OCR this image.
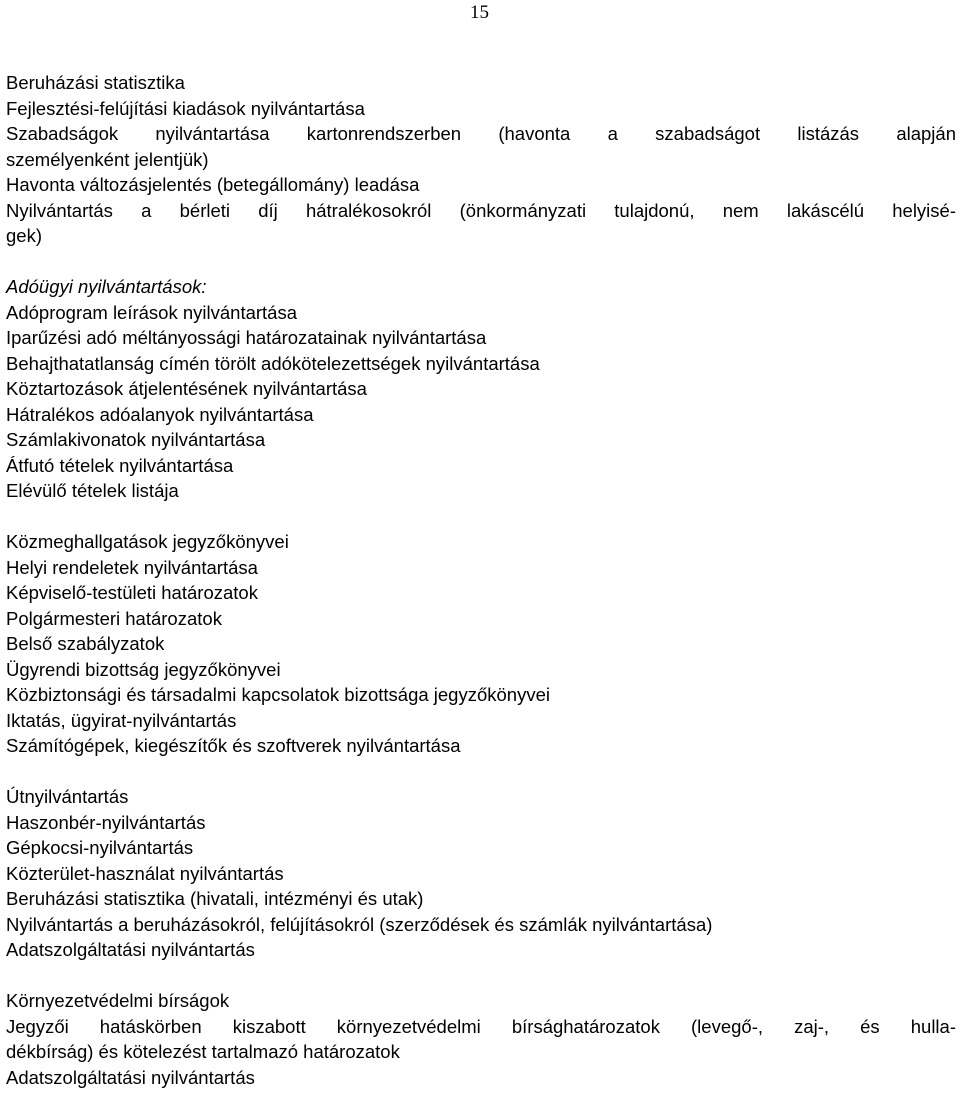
15
Beruházási statisztika
Fejlesztési-felújítási kiadások nyilvántartása
Szabadságok nyilvántartása kartonrendszerben (havonta a szabadságot listázás alapján
személyenként jelentjük)
Havonta változásjelentés (betegállomány) leadása
Nyilvántartás a bérleti díj hátralékosokról (önkormányzati tulajdonú, nem lakáscélú helyisé-
gek)
Adóügyi nyilvántartások:
Adóprogram leírások nyilvántartása
Iparűzési adó méltányossági határozatainak nyilvántartása
Behajthatatlanság címén törölt adókötelezettségek nyilvántartása
Köztartozások átjelentésének nyilvántartása
Hátralékos adóalanyok nyilvántartása
Számlakivonatok nyilvántartása
Átfutó tételek nyilvántartása
Elévülő tételek listája
Közmeghallgatások jegyzőkönyvei
Helyi rendeletek nyilvántartása
Képviselő-testületi határozatok
Polgármesteri határozatok
Belső szabályzatok
Ügyrendi bizottság jegyzőkönyvei
Közbiztonsági és társadalmi kapcsolatok bizottsága jegyzőkönyvei
Iktatás, ügyirat-nyilvántartás
Számítógépek, kiegészítők és szoftverek nyilvántartása
Útnyilvántartás
Haszonbér-nyilvántartás
Gépkocsi-nyilvántartás
Közterület-használat nyilvántartás
Beruházási statisztika (hivatali, intézményi és utak)
Nyilvántartás a beruházásokról, felújításokról (szerződések és számlák nyilvántartása)
Adatszolgáltatási nyilvántartás
Környezetvédelmi bírságok
Jegyzői hatáskörben kiszabott környezetvédelmi bírsághatározatok (levegő-, zaj-, és hulla-
dékbírság) és kötelezést tartalmazó határozatok
Adatszolgáltatási nyilvántartás
